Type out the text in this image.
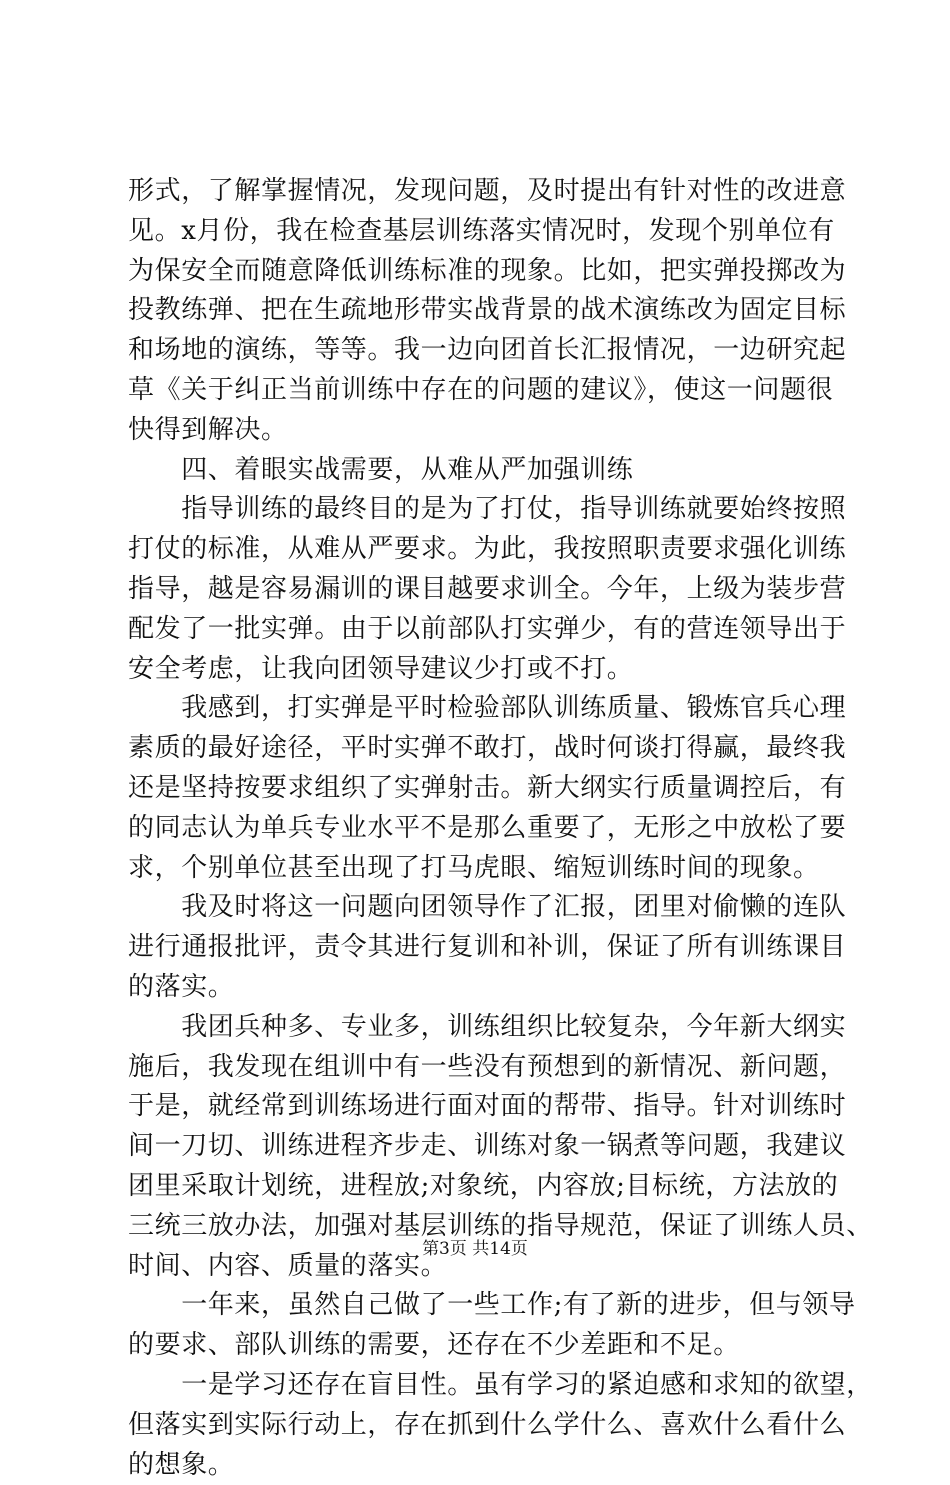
形式，了解掌握情况，发现问题，及时提出有针对性的改进意
见。x月份，我在检查基层训练落实情况时，发现个别单位有
为保安全而随意降低训练标准的现象。比如，把实弹投掷改为
投教练弹、把在生疏地形带实战背景的战术演练改为固定目标
和场地的演练，等等。我一边向团首长汇报情况，一边研究起
草《关于纠正当前训练中存在的问题的建议》，使这一问题很
快得到解决。
　　四、着眼实战需要，从难从严加强训练
　　指导训练的最终目的是为了打仗，指导训练就要始终按照
打仗的标准，从难从严要求。为此，我按照职责要求强化训练
指导，越是容易漏训的课目越要求训全。今年，上级为装步营
配发了一批实弹。由于以前部队打实弹少，有的营连领导出于
安全考虑，让我向团领导建议少打或不打。
　　我感到，打实弹是平时检验部队训练质量、锻炼官兵心理
素质的最好途径，平时实弹不敢打，战时何谈打得赢，最终我
还是坚持按要求组织了实弹射击。新大纲实行质量调控后，有
的同志认为单兵专业水平不是那么重要了，无形之中放松了要
求，个别单位甚至出现了打马虎眼、缩短训练时间的现象。
　　我及时将这一问题向团领导作了汇报，团里对偷懒的连队
进行通报批评，责令其进行复训和补训，保证了所有训练课目
的落实。
　　我团兵种多、专业多，训练组织比较复杂，今年新大纲实
施后，我发现在组训中有一些没有预想到的新情况、新问题，
于是，就经常到训练场进行面对面的帮带、指导。针对训练时
间一刀切、训练进程齐步走、训练对象一锅煮等问题，我建议
团里采取计划统，进程放;对象统，内容放;目标统，方法放的
三统三放办法，加强对基层训练的指导规范，保证了训练人员、
时间、内容、质量的落实。
　　一年来，虽然自己做了一些工作;有了新的进步，但与领导
的要求、部队训练的需要，还存在不少差距和不足。
　　一是学习还存在盲目性。虽有学习的紧迫感和求知的欲望，
但落实到实际行动上，存在抓到什么学什么、喜欢什么看什么
的想象。
第3页 共14页
